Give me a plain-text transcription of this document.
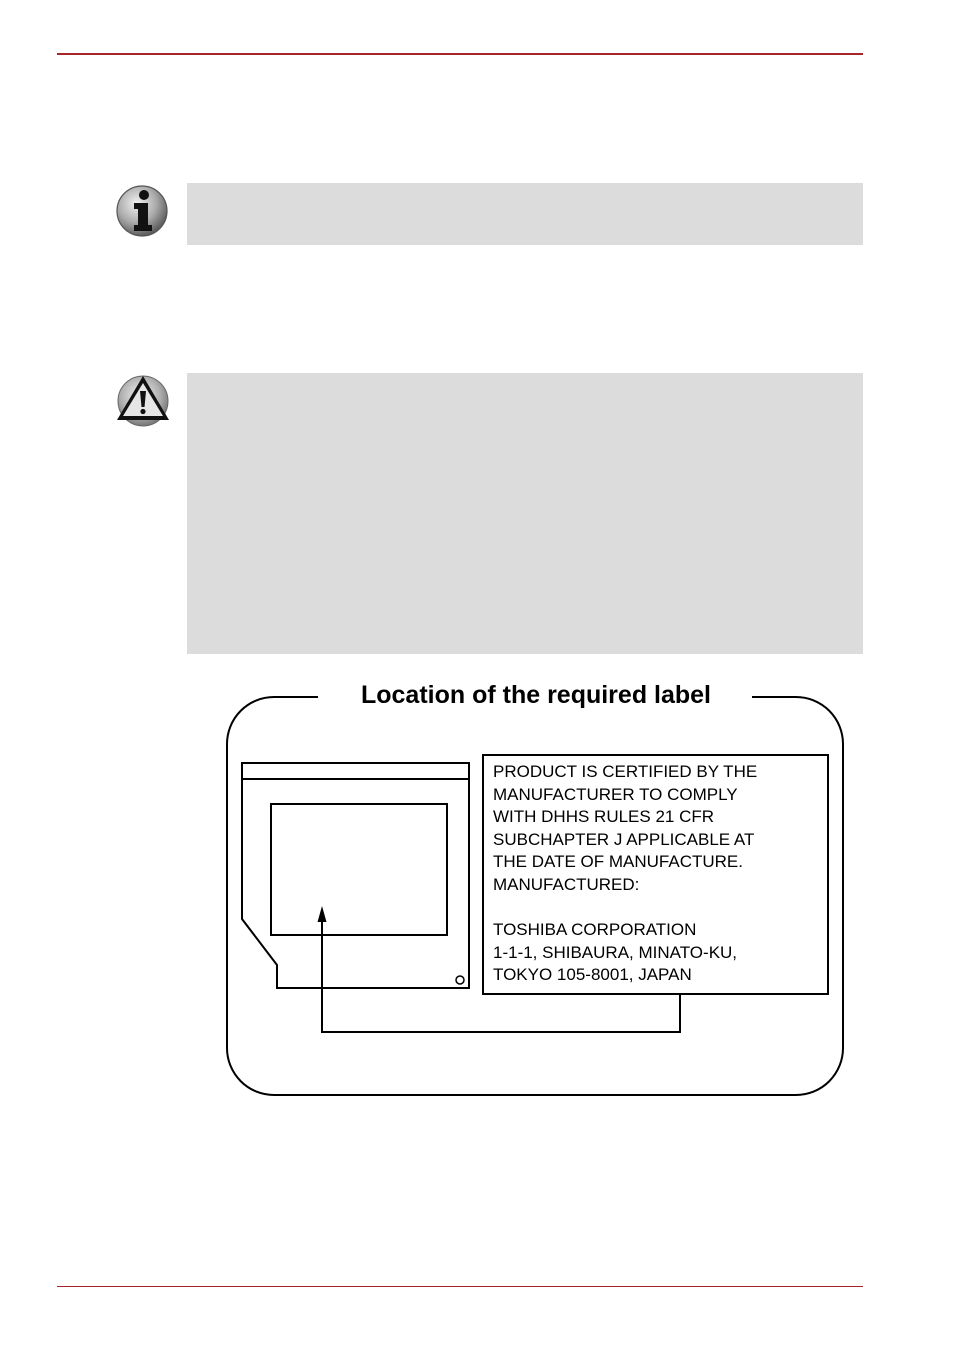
Location of the required label
PRODUCT IS CERTIFIED BY THE
MANUFACTURER TO COMPLY
WITH DHHS RULES 21 CFR
SUBCHAPTER J APPLICABLE AT
THE DATE OF MANUFACTURE.
MANUFACTURED:
TOSHIBA CORPORATION
1-1-1, SHIBAURA, MINATO-KU,
TOKYO 105-8001, JAPAN
